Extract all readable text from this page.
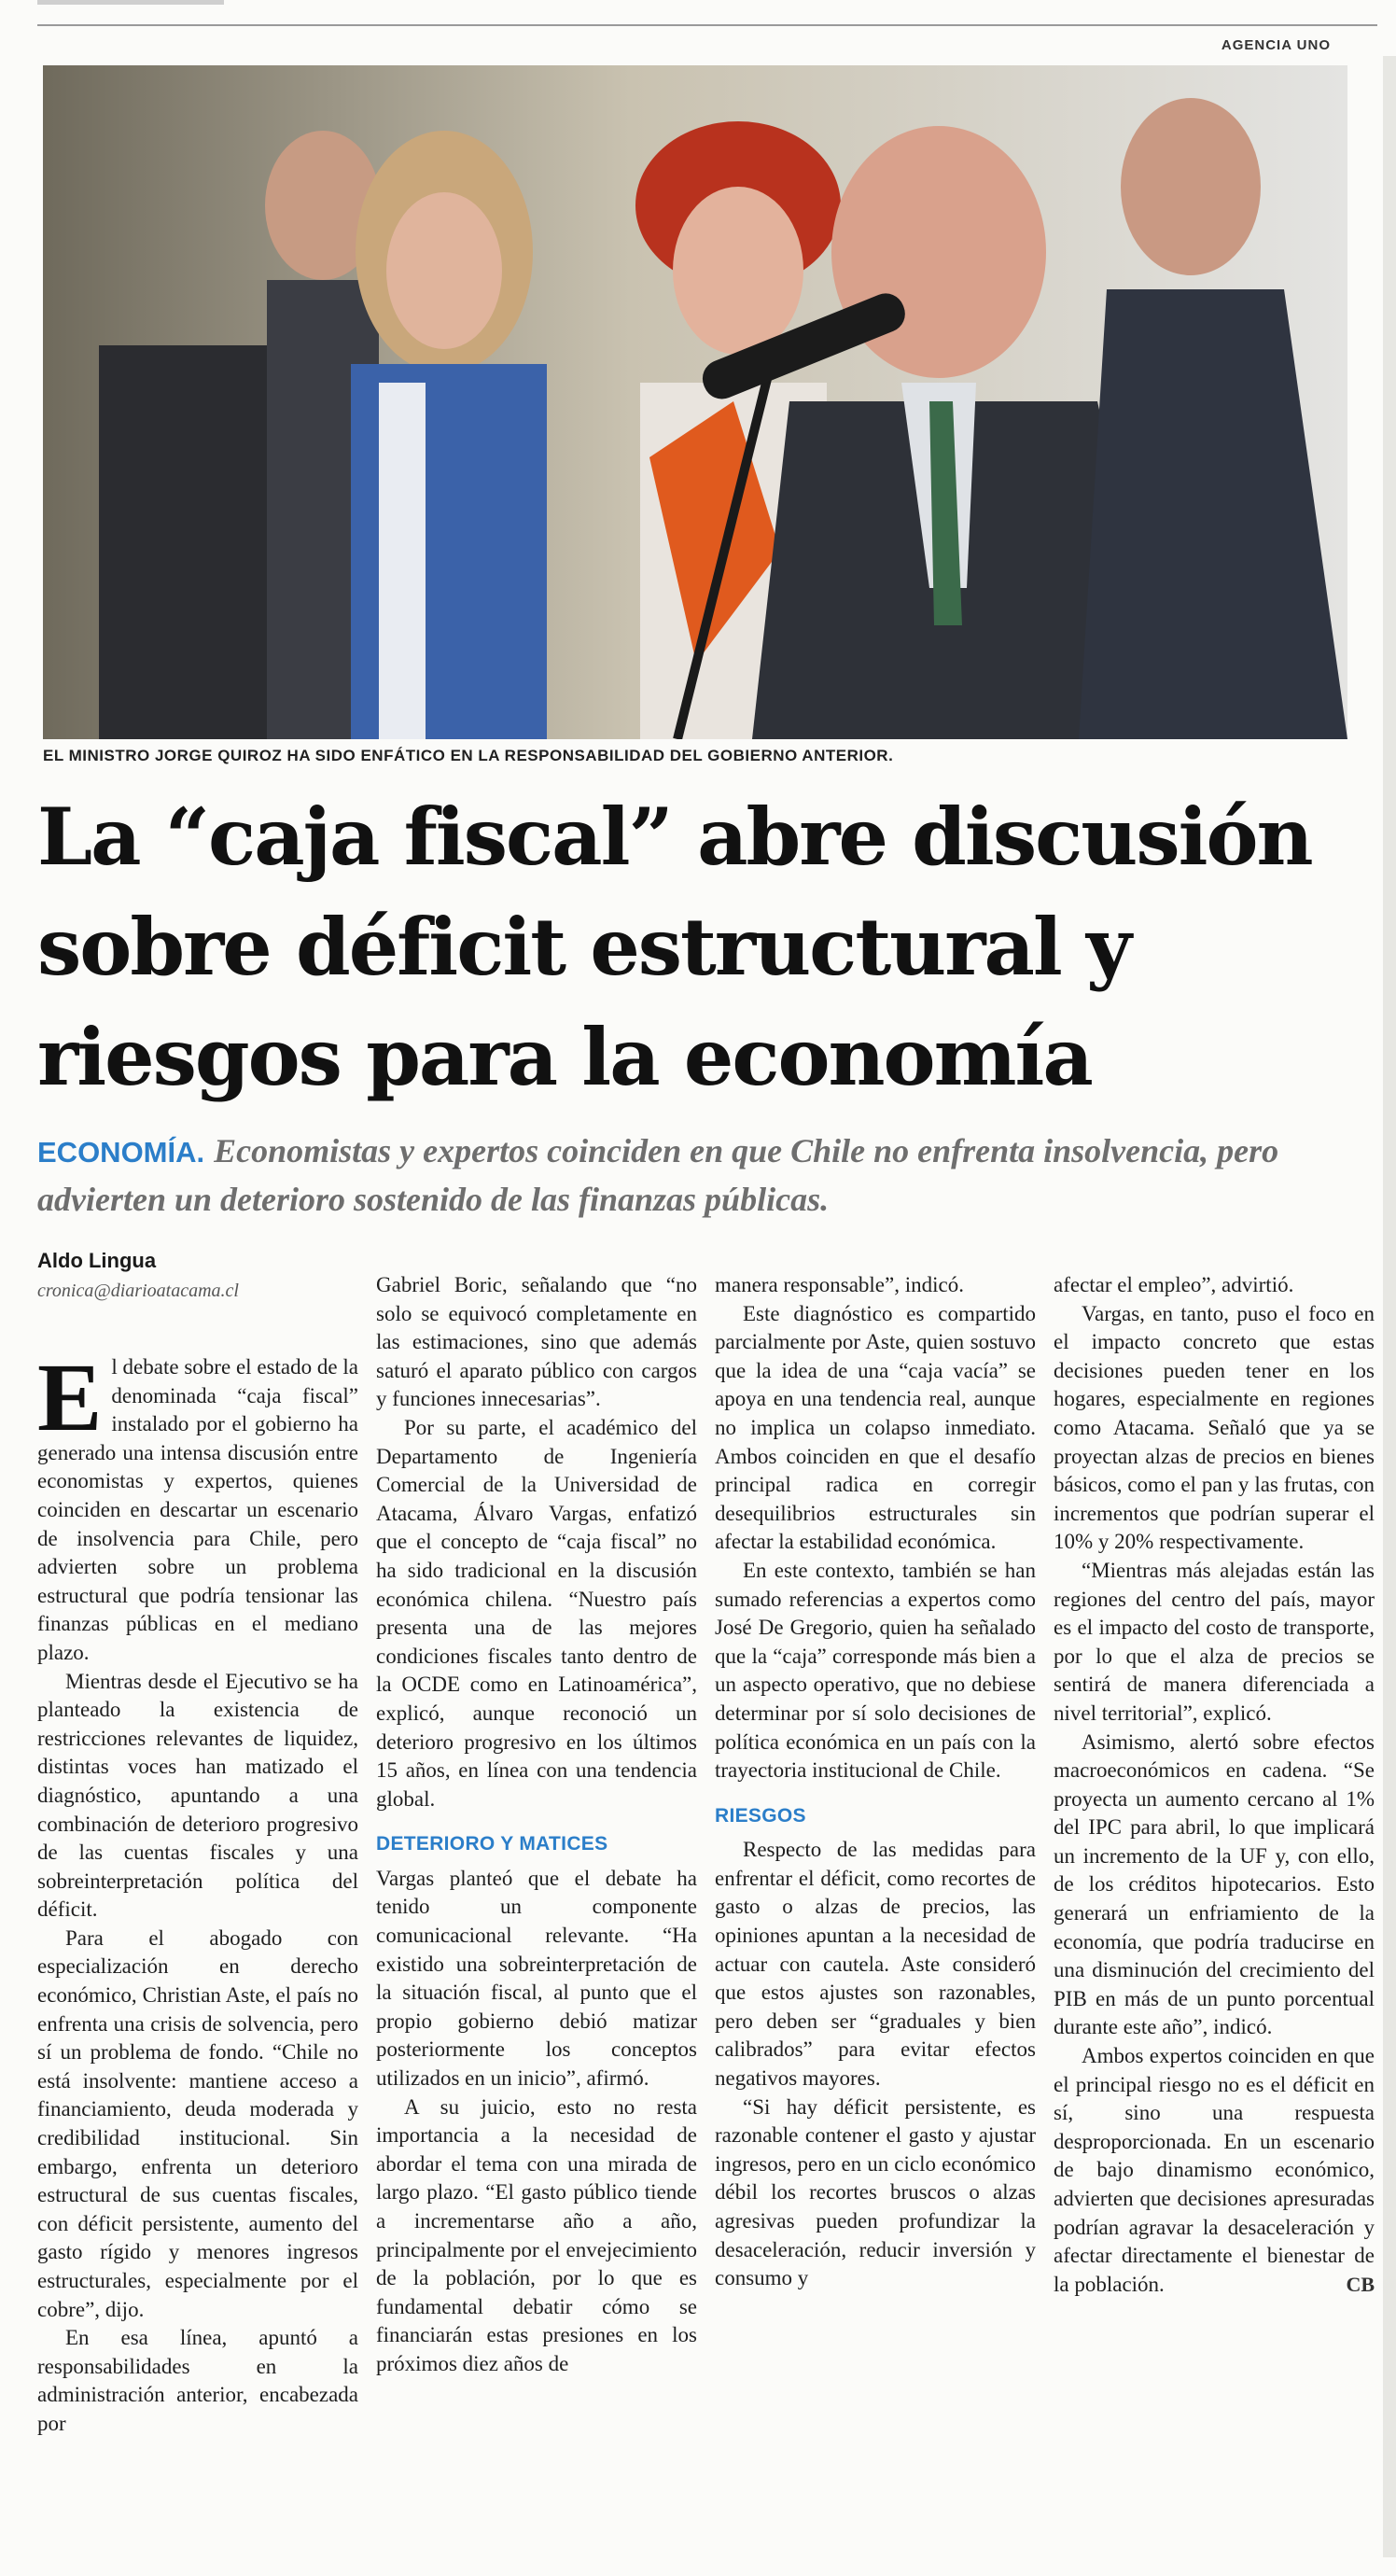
AGENCIA UNO
EL MINISTRO JORGE QUIROZ HA SIDO ENFÁTICO EN LA RESPONSABILIDAD DEL GOBIERNO ANTERIOR.
La “caja fiscal” abre discusión
sobre déficit estructural y
riesgos para la economía
ECONOMÍA. Economistas y expertos coinciden en que Chile no enfrenta insolvencia, pero advierten un deterioro sostenido de las finanzas públicas.
Aldo Lingua
cronica@diarioatacama.cl

El debate sobre el estado de la denominada “caja fiscal” instalado por el gobierno ha generado una intensa discusión entre economistas y expertos, quienes coinciden en descartar un escenario de insolvencia para Chile, pero advierten sobre un problema estructural que podría tensionar las finanzas públicas en el mediano plazo.

Mientras desde el Ejecutivo se ha planteado la existencia de restricciones relevantes de liquidez, distintas voces han matizado el diagnóstico, apuntando a una combinación de deterioro progresivo de las cuentas fiscales y una sobreinterpretación política del déficit.

Para el abogado con especialización en derecho económico, Christian Aste, el país no enfrenta una crisis de solvencia, pero sí un problema de fondo. “Chile no está insolvente: mantiene acceso a financiamiento, deuda moderada y credibilidad institucional. Sin embargo, enfrenta un deterioro estructural de sus cuentas fiscales, con déficit persistente, aumento del gasto rígido y menores ingresos estructurales, especialmente por el cobre”, dijo.

En esa línea, apuntó a responsabilidades en la administración anterior, encabezada por

Gabriel Boric, señalando que “no solo se equivocó completamente en las estimaciones, sino que además saturó el aparato público con cargos y funciones innecesarias”.

Por su parte, el académico del Departamento de Ingeniería Comercial de la Universidad de Atacama, Álvaro Vargas, enfatizó que el concepto de “caja fiscal” no ha sido tradicional en la discusión económica chilena. “Nuestro país presenta una de las mejores condiciones fiscales tanto dentro de la OCDE como en Latinoamérica”, explicó, aunque reconoció un deterioro progresivo en los últimos 15 años, en línea con una tendencia global.

DETERIORO Y MATICES

Vargas planteó que el debate ha tenido un componente comunicacional relevante. “Ha existido una sobreinterpretación de la situación fiscal, al punto que el propio gobierno debió matizar posteriormente los conceptos utilizados en un inicio”, afirmó.

A su juicio, esto no resta importancia a la necesidad de abordar el tema con una mirada de largo plazo. “El gasto público tiende a incrementarse año a año, principalmente por el envejecimiento de la población, por lo que es fundamental debatir cómo se financiarán estas presiones en los próximos diez años de

manera responsable”, indicó.

Este diagnóstico es compartido parcialmente por Aste, quien sostuvo que la idea de una “caja vacía” se apoya en una tendencia real, aunque no implica un colapso inmediato. Ambos coinciden en que el desafío principal radica en corregir desequilibrios estructurales sin afectar la estabilidad económica.

En este contexto, también se han sumado referencias a expertos como José De Gregorio, quien ha señalado que la “caja” corresponde más bien a un aspecto operativo, que no debiese determinar por sí solo decisiones de política económica en un país con la trayectoria institucional de Chile.

RIESGOS

Respecto de las medidas para enfrentar el déficit, como recortes de gasto o alzas de precios, las opiniones apuntan a la necesidad de actuar con cautela. Aste consideró que estos ajustes son razonables, pero deben ser “graduales y bien calibrados” para evitar efectos negativos mayores.

“Si hay déficit persistente, es razonable contener el gasto y ajustar ingresos, pero en un ciclo económico débil los recortes bruscos o alzas agresivas pueden profundizar la desaceleración, reducir inversión y consumo y

afectar el empleo”, advirtió.

Vargas, en tanto, puso el foco en el impacto concreto que estas decisiones pueden tener en los hogares, especialmente en regiones como Atacama. Señaló que ya se proyectan alzas de precios en bienes básicos, como el pan y las frutas, con incrementos que podrían superar el 10% y 20% respectivamente.

“Mientras más alejadas están las regiones del centro del país, mayor es el impacto del costo de transporte, por lo que el alza de precios se sentirá de manera diferenciada a nivel territorial”, explicó.

Asimismo, alertó sobre efectos macroeconómicos en cadena. “Se proyecta un aumento cercano al 1% del IPC para abril, lo que implicará un incremento de la UF y, con ello, de los créditos hipotecarios. Esto generará un enfriamiento de la economía, que podría traducirse en una disminución del crecimiento del PIB en más de un punto porcentual durante este año”, indicó.

Ambos expertos coinciden en que el principal riesgo no es el déficit en sí, sino una respuesta desproporcionada. En un escenario de bajo dinamismo económico, advierten que decisiones apresuradas podrían agravar la desaceleración y afectar directamente el bienestar de la población.	CB
